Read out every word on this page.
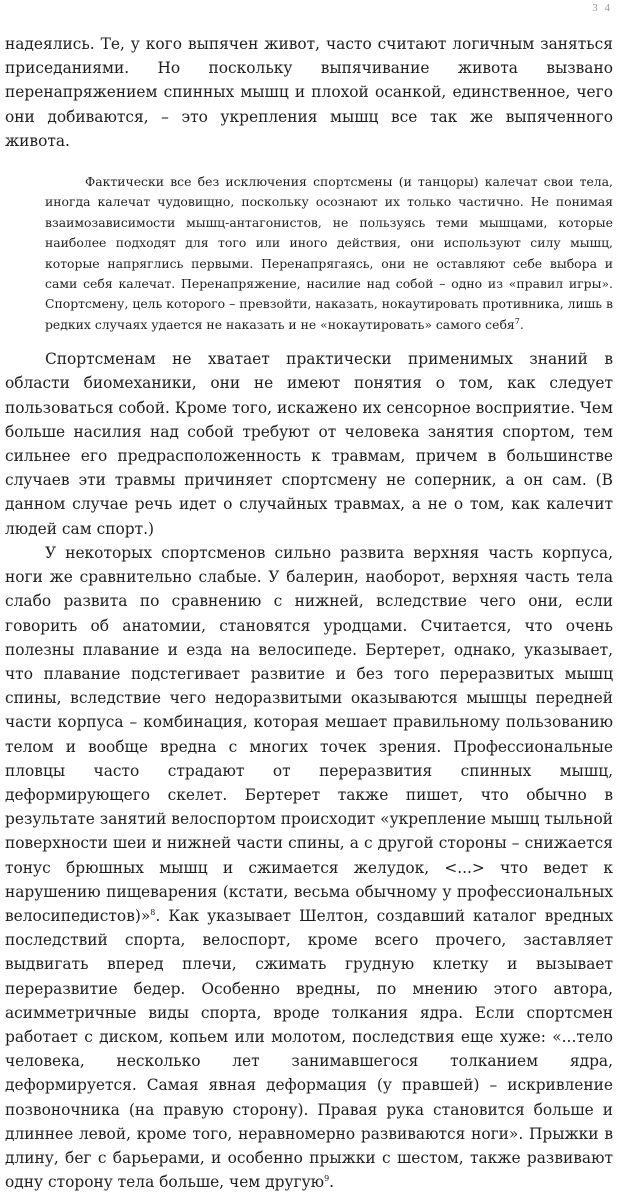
3 4

надеялись. Те, у кого выпячен живот, часто считают логичным заняться приседаниями. Но поскольку выпячивание живота вызвано перенапряжением спинных мышц и плохой осанкой, единственное, чего они добиваются, – это укрепления мышц все так же выпяченного живота.

Фактически все без исключения спортсмены (и танцоры) калечат свои тела, иногда калечат чудовищно, поскольку осознают их только частично. Не понимая взаимозависимости мышц-антагонистов, не пользуясь теми мышцами, которые наиболее подходят для того или иного действия, они используют силу мышц, которые напряглись первыми. Перенапрягаясь, они не оставляют себе выбора и сами себя калечат. Перенапряжение, насилие над собой – одно из «правил игры». Спортсмену, цель которого – превзойти, наказать, нокаутировать противника, лишь в редких случаях удается не наказать и не «нокаутировать» самого себя$^7$.

Спортсменам не хватает практически применимых знаний в области биомеханики, они не имеют понятия о том, как следует пользоваться собой. Кроме того, искажено их сенсорное восприятие. Чем больше насилия над собой требуют от человека занятия спортом, тем сильнее его предрасположенность к травмам, причем в большинстве случаев эти травмы причиняет спортсмену не соперник, а он сам. (В данном случае речь идет о случайных травмах, а не о том, как калечит людей сам спорт.)

У некоторых спортсменов сильно развита верхняя часть корпуса, ноги же сравнительно слабые. У балерин, наоборот, верхняя часть тела слабо развита по сравнению с нижней, вследствие чего они, если говорить об анатомии, становятся уродцами. Считается, что очень полезны плавание и езда на велосипеде. Бертерет, однако, указывает, что плавание подстегивает развитие и без того переразвитых мышц спины, вследствие чего недоразвитыми оказываются мышцы передней части корпуса – комбинация, которая мешает правильному пользованию телом и вообще вредна с многих точек зрения. Профессиональные пловцы часто страдают от переразвития спинных мышц, деформирующего скелет. Бертерет также пишет, что обычно в результате занятий велоспортом происходит «укрепление мышц тыльной поверхности шеи и нижней части спины, а с другой стороны – снижается тонус брюшных мышц и сжимается желудок, <...> что ведет к нарушению пищеварения (кстати, весьма обычному у профессиональных велосипедистов)»$^8$. Как указывает Шелтон, создавший каталог вредных последствий спорта, велоспорт, кроме всего прочего, заставляет выдвигать вперед плечи, сжимать грудную клетку и вызывает переразвитие бедер. Особенно вредны, по мнению этого автора, асимметричные виды спорта, вроде толкания ядра. Если спортсмен работает с диском, копьем или молотом, последствия еще хуже: «...тело человека, несколько лет занимавшегося толканием ядра, деформируется. Самая явная деформация (у правшей) – искривление позвоночника (на правую сторону). Правая рука становится больше и длиннее левой, кроме того, неравномерно развиваются ноги». Прыжки в длину, бег с барьерами, и особенно прыжки с шестом, также развивают одну сторону тела больше, чем другую$^9$.
